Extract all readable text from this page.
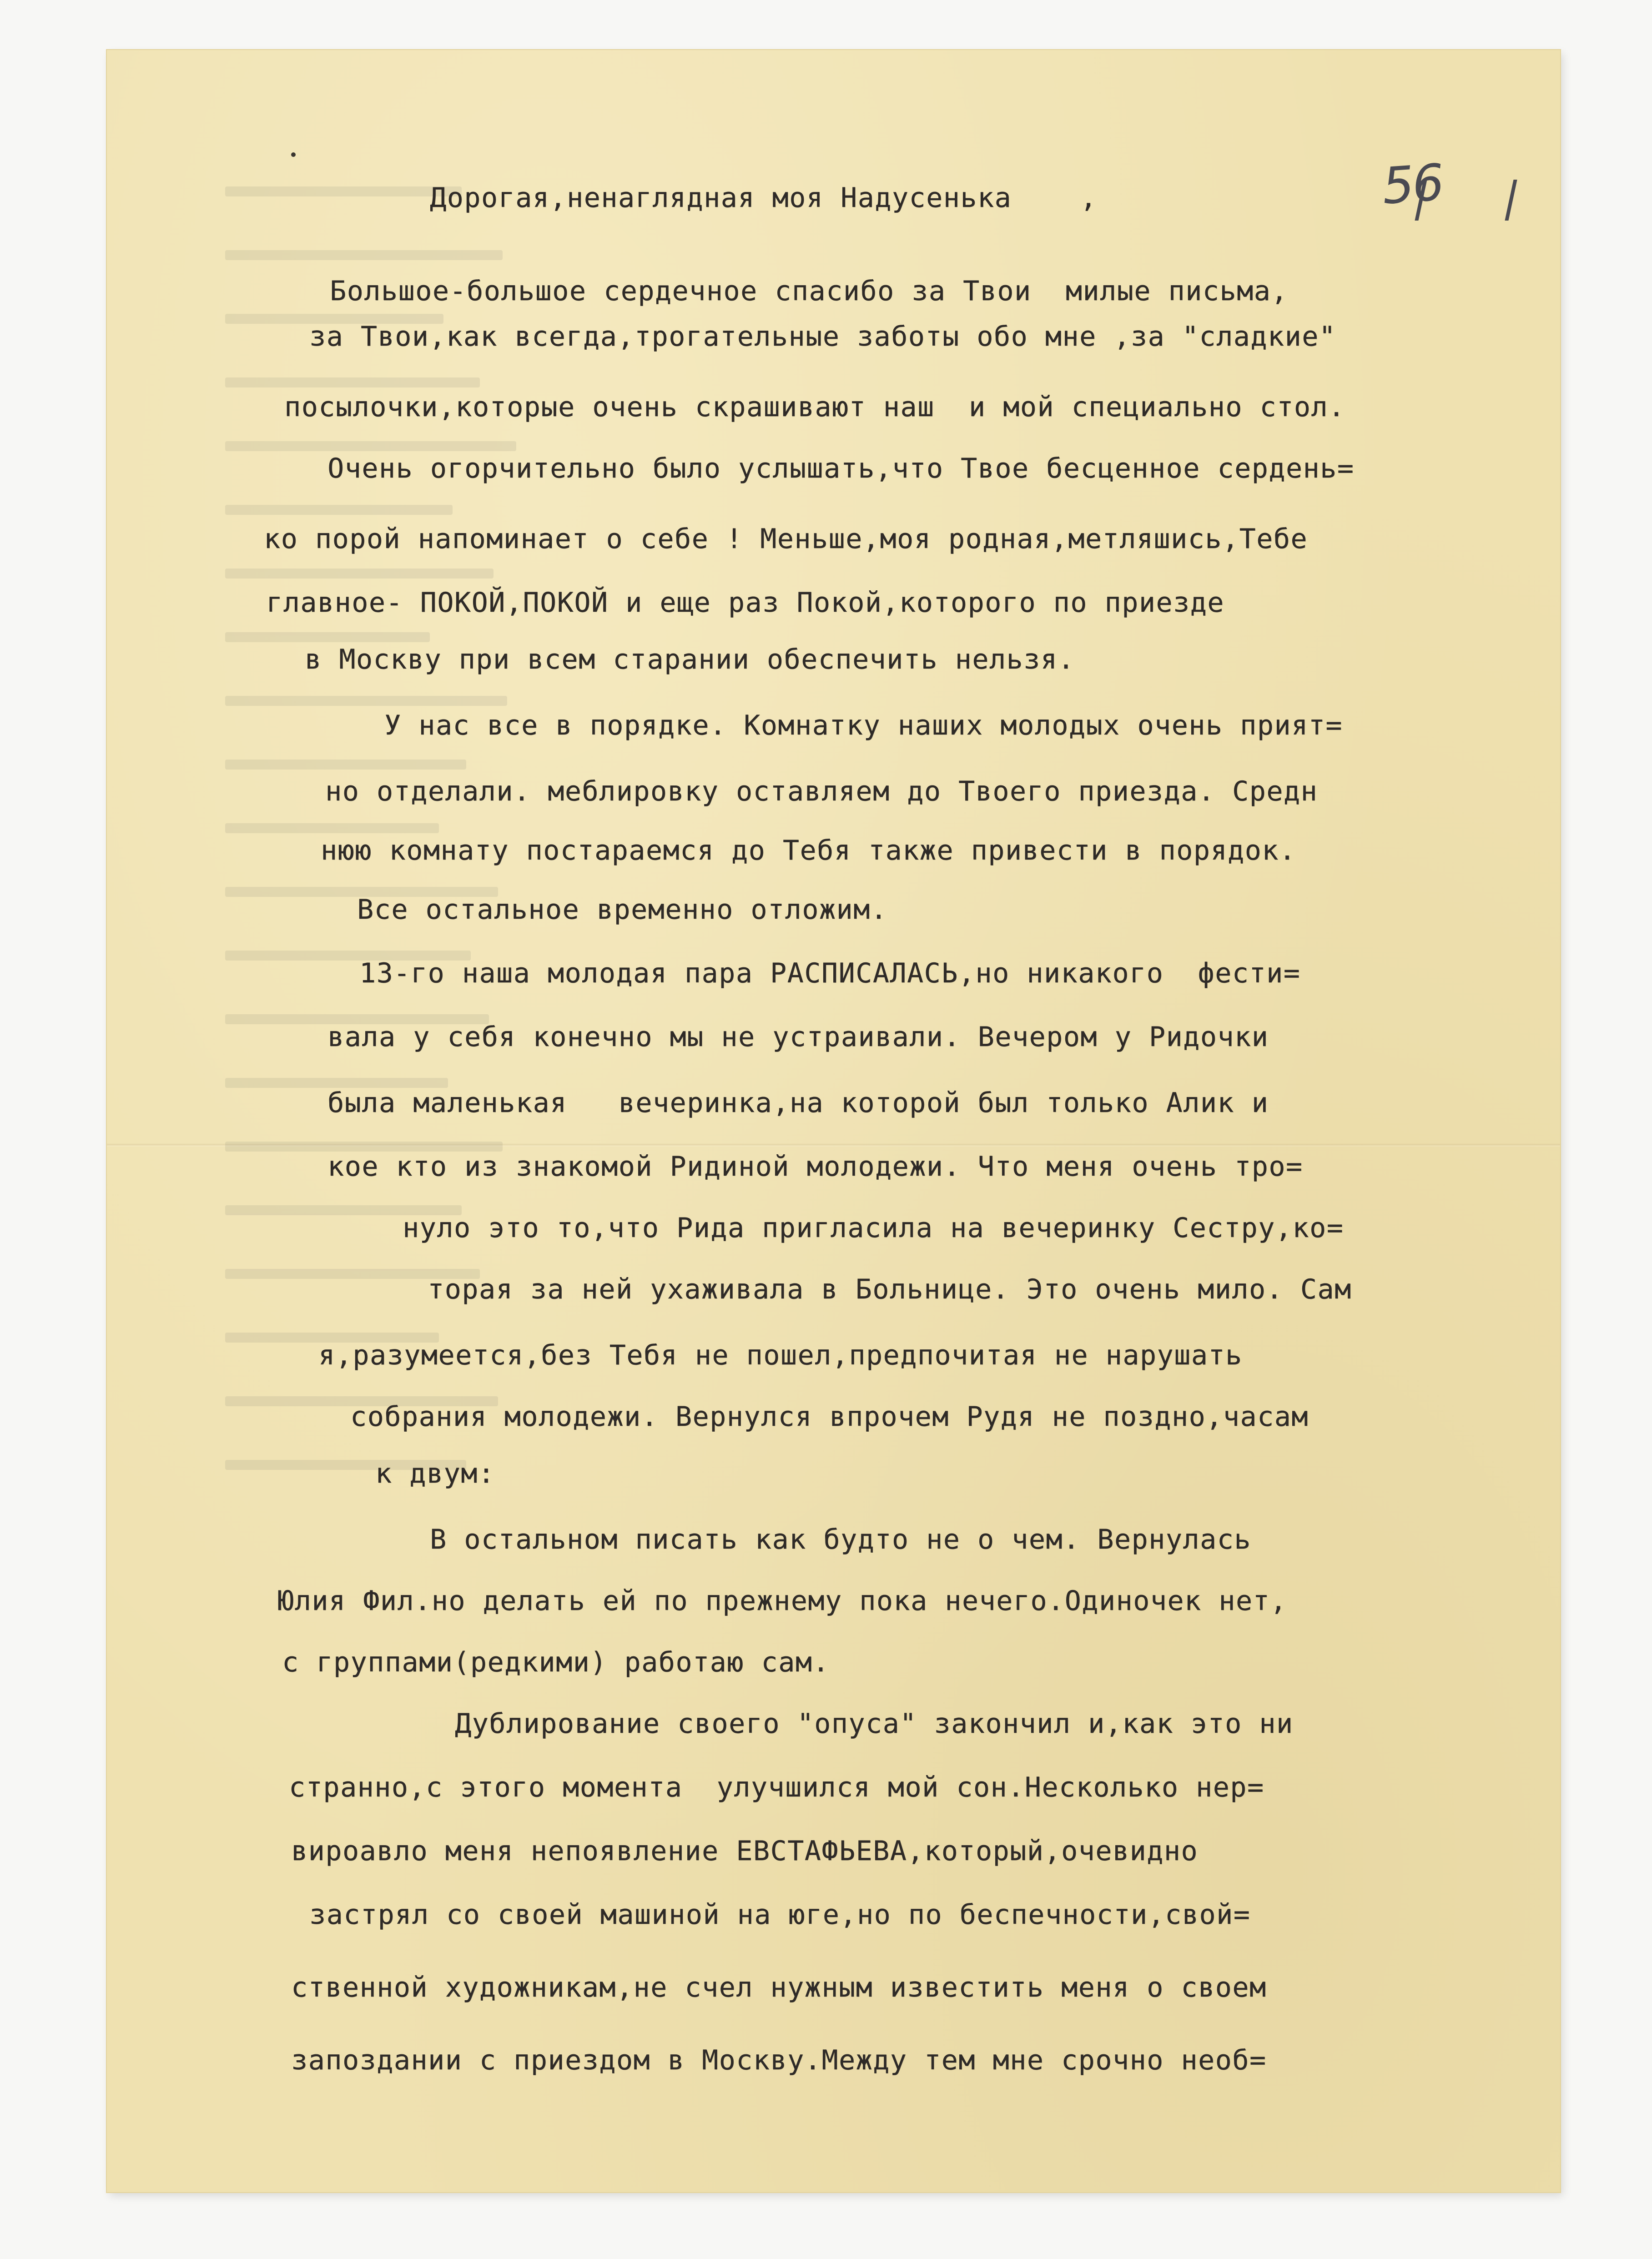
56
Дорогая,ненаглядная моя Надусенька    ,
Большое-большое сердечное спасибо за Твои  милые письма,
за Твои,как всегда,трогательные заботы обо мне ,за "сладкие"
посылочки,которые очень скрашивают наш  и мой специально стол.
Очень огорчительно было услышать,что Твое бесценное сердень=
ко порой напоминает о себе ! Меньше,моя родная,метляшись,Тебе
главное- ПОКОЙ,ПОКОЙ и еще раз Покой,которого по приезде
в Москву при всем старании обеспечить нельзя.
У нас все в порядке. Комнатку наших молодых очень прият=
но отделали. меблировку оставляем до Твоего приезда. Средн
нюю комнату постараемся до Тебя также привести в порядок.
Все остальное временно отложим.
13-го наша молодая пара РАСПИСАЛАСЬ,но никакого  фести=
вала у себя конечно мы не устраивали. Вечером у Ридочки
была маленькая   вечеринка,на которой был только Алик и
кое кто из знакомой Ридиной молодежи. Что меня очень тро=
нуло это то,что Рида пригласила на вечеринку Сестру,ко=
торая за ней ухаживала в Больнице. Это очень мило. Сам
я,разумеется,без Тебя не пошел,предпочитая не нарушать
собрания молодежи. Вернулся впрочем Рудя не поздно,часам
к двум:
В остальном писать как будто не о чем. Вернулась
Юлия Фил.но делать ей по прежнему пока нечего.Одиночек нет,
с группами(редкими) работаю сам.
Дублирование своего "опуса" закончил и,как это ни
странно,с этого момента  улучшился мой сон.Несколько нер=
вироавло меня непоявление ЕВСТАФЬЕВА,который,очевидно
застрял со своей машиной на юге,но по беспечности,свой=
ственной художникам,не счел нужным известить меня о своем
запоздании с приездом в Москву.Между тем мне срочно необ=
